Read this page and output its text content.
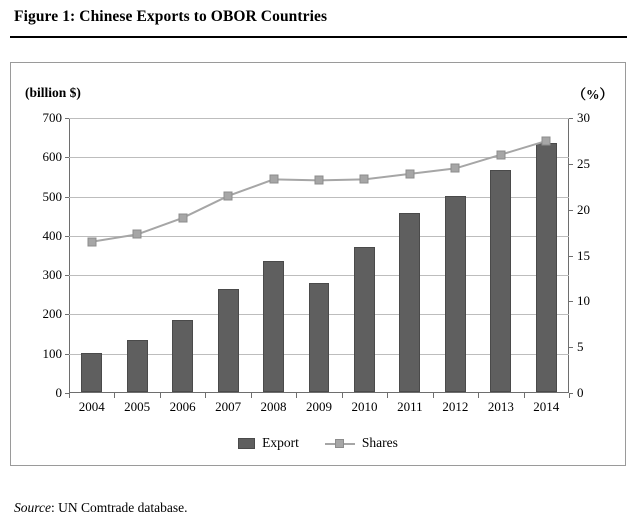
Figure 1: Chinese Exports to OBOR Countries
(billion $)	（%）
0
100
200
300
400
500
600
700
0
5
10
15
20
25
30
2004 2005 2006 2007 2008 2009 2010 2011 2012 2013 2014
Export	Shares
Source: UN Comtrade database.
